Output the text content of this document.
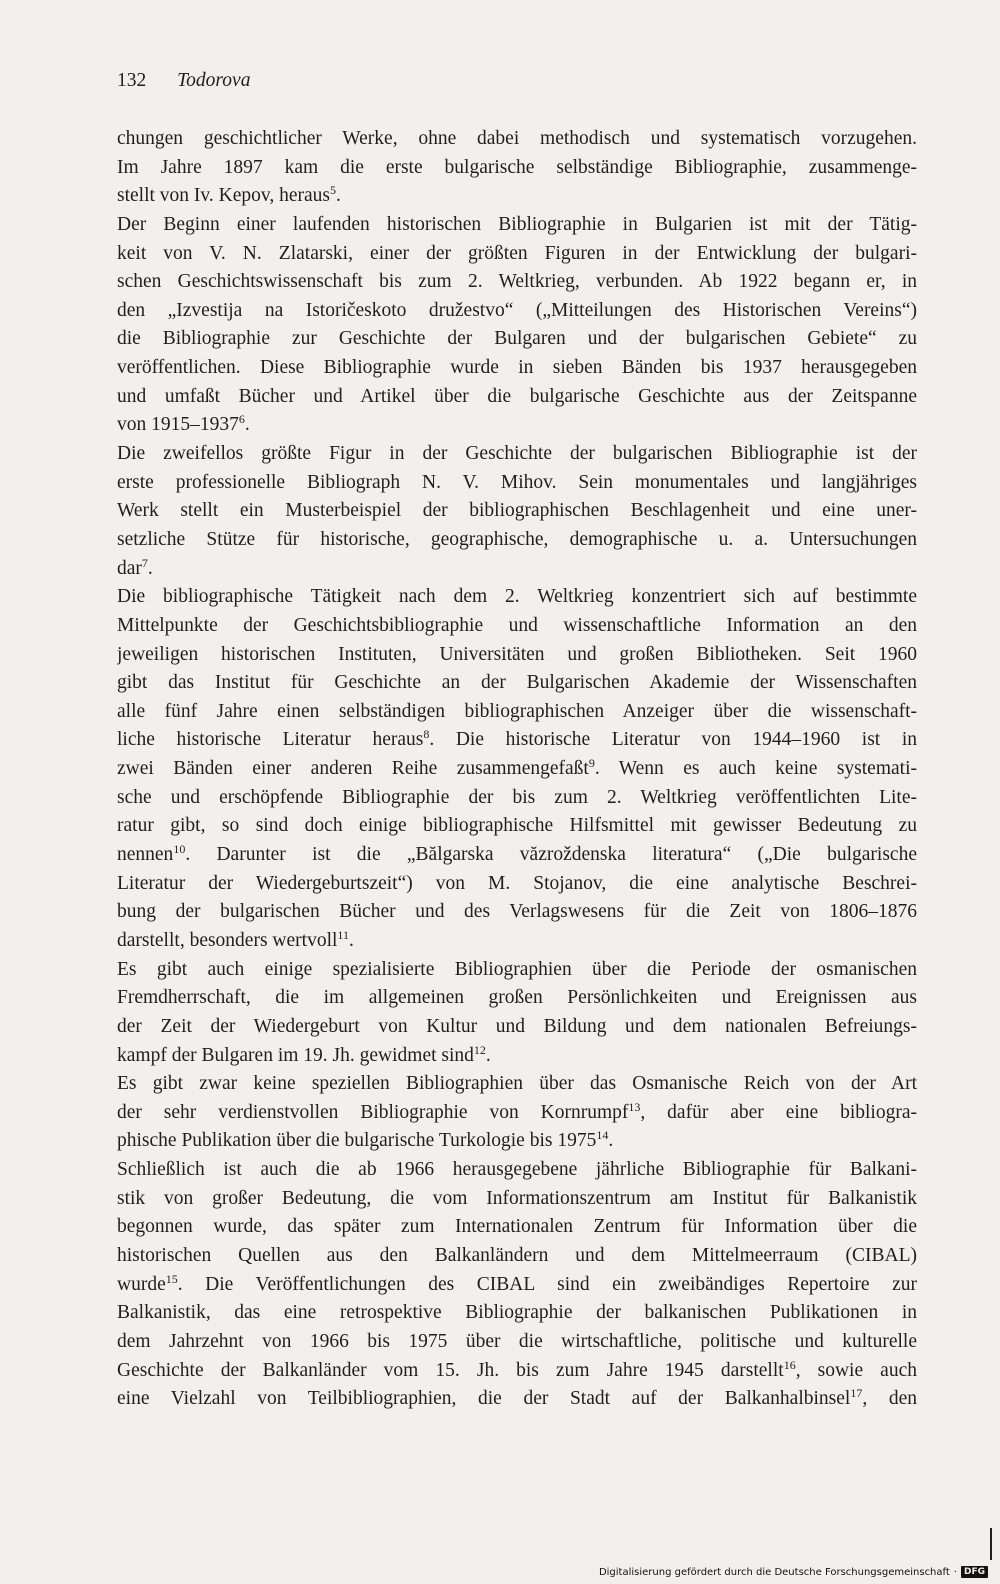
132 Todorova
chungen geschichtlicher Werke, ohne dabei methodisch und systematisch vorzugehen.
Im Jahre 1897 kam die erste bulgarische selbständige Bibliographie, zusammenge-
stellt von Iv. Kepov, heraus$^5$.
Der Beginn einer laufenden historischen Bibliographie in Bulgarien ist mit der Tätig-
keit von V. N. Zlatarski, einer der größten Figuren in der Entwicklung der bulgari-
schen Geschichtswissenschaft bis zum 2. Weltkrieg, verbunden. Ab 1922 begann er, in
den „Izvestija na Istoričeskoto družestvo“ („Mitteilungen des Historischen Vereins“)
die Bibliographie zur Geschichte der Bulgaren und der bulgarischen Gebiete“ zu
veröffentlichen. Diese Bibliographie wurde in sieben Bänden bis 1937 herausgegeben
und umfaßt Bücher und Artikel über die bulgarische Geschichte aus der Zeitspanne
von 1915–1937$^6$.
Die zweifellos größte Figur in der Geschichte der bulgarischen Bibliographie ist der
erste professionelle Bibliograph N. V. Mihov. Sein monumentales und langjähriges
Werk stellt ein Musterbeispiel der bibliographischen Beschlagenheit und eine uner-
setzliche Stütze für historische, geographische, demographische u. a. Untersuchungen
dar$^7$.
Die bibliographische Tätigkeit nach dem 2. Weltkrieg konzentriert sich auf bestimmte
Mittelpunkte der Geschichtsbibliographie und wissenschaftliche Information an den
jeweiligen historischen Instituten, Universitäten und großen Bibliotheken. Seit 1960
gibt das Institut für Geschichte an der Bulgarischen Akademie der Wissenschaften
alle fünf Jahre einen selbständigen bibliographischen Anzeiger über die wissenschaft-
liche historische Literatur heraus$^8$. Die historische Literatur von 1944–1960 ist in
zwei Bänden einer anderen Reihe zusammengefaßt$^9$. Wenn es auch keine systemati-
sche und erschöpfende Bibliographie der bis zum 2. Weltkrieg veröffentlichten Lite-
ratur gibt, so sind doch einige bibliographische Hilfsmittel mit gewisser Bedeutung zu
nennen$^{10}$. Darunter ist die „Bălgarska văzroždenska literatura“ („Die bulgarische
Literatur der Wiedergeburtszeit“) von M. Stojanov, die eine analytische Beschrei-
bung der bulgarischen Bücher und des Verlagswesens für die Zeit von 1806–1876
darstellt, besonders wertvoll$^{11}$.
Es gibt auch einige spezialisierte Bibliographien über die Periode der osmanischen
Fremdherrschaft, die im allgemeinen großen Persönlichkeiten und Ereignissen aus
der Zeit der Wiedergeburt von Kultur und Bildung und dem nationalen Befreiungs-
kampf der Bulgaren im 19. Jh. gewidmet sind$^{12}$.
Es gibt zwar keine speziellen Bibliographien über das Osmanische Reich von der Art
der sehr verdienstvollen Bibliographie von Kornrumpf$^{13}$, dafür aber eine bibliogra-
phische Publikation über die bulgarische Turkologie bis 1975$^{14}$.
Schließlich ist auch die ab 1966 herausgegebene jährliche Bibliographie für Balkani-
stik von großer Bedeutung, die vom Informationszentrum am Institut für Balkanistik
begonnen wurde, das später zum Internationalen Zentrum für Information über die
historischen Quellen aus den Balkanländern und dem Mittelmeerraum (CIBAL)
wurde$^{15}$. Die Veröffentlichungen des CIBAL sind ein zweibändiges Repertoire zur
Balkanistik, das eine retrospektive Bibliographie der balkanischen Publikationen in
dem Jahrzehnt von 1966 bis 1975 über die wirtschaftliche, politische und kulturelle
Geschichte der Balkanländer vom 15. Jh. bis zum Jahre 1945 darstellt$^{16}$, sowie auch
eine Vielzahl von Teilbibliographien, die der Stadt auf der Balkanhalbinsel$^{17}$, den
Digitalisierung gefördert durch die Deutsche Forschungsgemeinschaft · DFG
